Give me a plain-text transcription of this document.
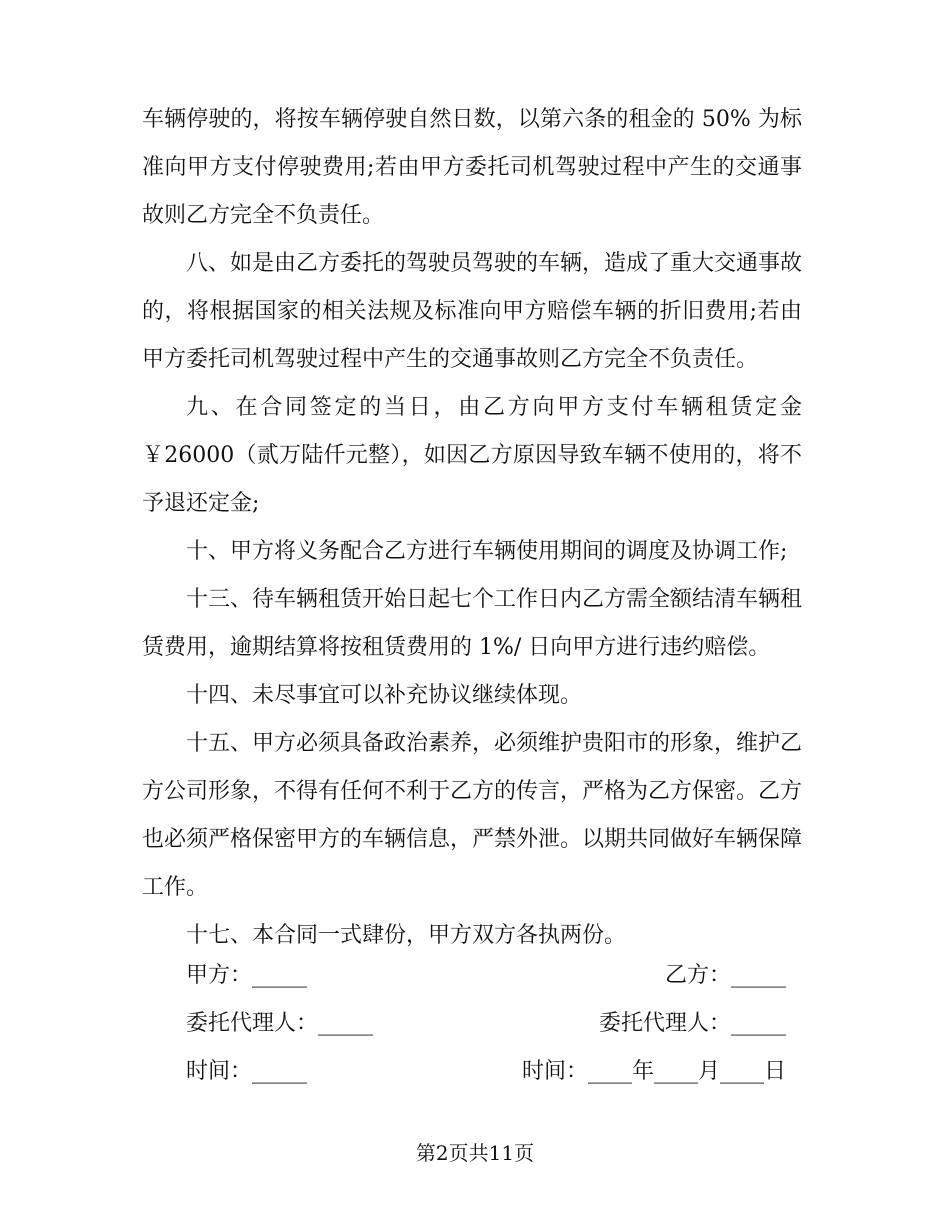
车辆停驶的，将按车辆停驶自然日数，以第六条的租金的 50% 为标准向甲方支付停驶费用;若由甲方委托司机驾驶过程中产生的交通事故则乙方完全不负责任。

八、如是由乙方委托的驾驶员驾驶的车辆，造成了重大交通事故的，将根据国家的相关法规及标准向甲方赔偿车辆的折旧费用;若由甲方委托司机驾驶过程中产生的交通事故则乙方完全不负责任。

九、在合同签定的当日，由乙方向甲方支付车辆租赁定金￥26000（贰万陆仟元整），如因乙方原因导致车辆不使用的，将不予退还定金;

十、甲方将义务配合乙方进行车辆使用期间的调度及协调工作;

十三、待车辆租赁开始日起七个工作日内乙方需全额结清车辆租赁费用，逾期结算将按租赁费用的 1%/ 日向甲方进行违约赔偿。

十四、未尽事宜可以补充协议继续体现。

十五、甲方必须具备政治素养，必须维护贵阳市的形象，维护乙方公司形象，不得有任何不利于乙方的传言，严格为乙方保密。乙方也必须严格保密甲方的车辆信息，严禁外泄。以期共同做好车辆保障工作。

十七、本合同一式肆份，甲方双方各执两份。

甲方：_____	乙方：_____
委托代理人：_____	委托代理人：_____
时间：_____	时间：____年____月____日
第2页共11页
